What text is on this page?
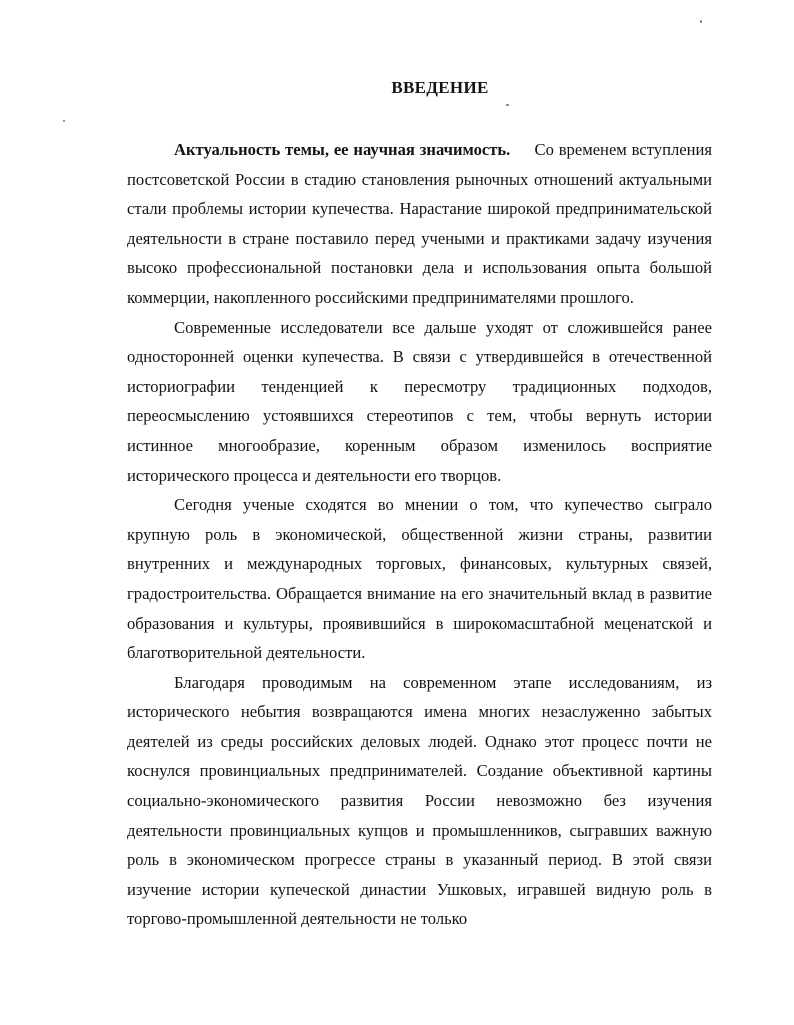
ВВЕДЕНИЕ

Актуальность темы, ее научная значимость. Со временем вступления постсоветской России в стадию становления рыночных отношений актуальными стали проблемы истории купечества. Нарастание широкой предпринимательской деятельности в стране поставило перед учеными и практиками задачу изучения высоко профессиональной постановки дела и использования опыта большой коммерции, накопленного российскими предпринимателями прошлого.

Современные исследователи все дальше уходят от сложившейся ранее односторонней оценки купечества. В связи с утвердившейся в отечественной историографии тенденцией к пересмотру традиционных подходов, переосмыслению устоявшихся стереотипов с тем, чтобы вернуть истории истинное многообразие, коренным образом изменилось восприятие исторического процесса и деятельности его творцов.

Сегодня ученые сходятся во мнении о том, что купечество сыграло крупную роль в экономической, общественной жизни страны, развитии внутренних и международных торговых, финансовых, культурных связей, градостроительства. Обращается внимание на его значительный вклад в развитие образования и культуры, проявившийся в широкомасштабной меценатской и благотворительной деятельности.

Благодаря проводимым на современном этапе исследованиям, из исторического небытия возвращаются имена многих незаслуженно забытых деятелей из среды российских деловых людей. Однако этот процесс почти не коснулся провинциальных предпринимателей. Создание объективной картины социально-экономического развития России невозможно без изучения деятельности провинциальных купцов и промышленников, сыгравших важную роль в экономическом прогрессе страны в указанный период. В этой связи изучение истории купеческой династии Ушковых, игравшей видную роль в торгово-промышленной деятельности не только
